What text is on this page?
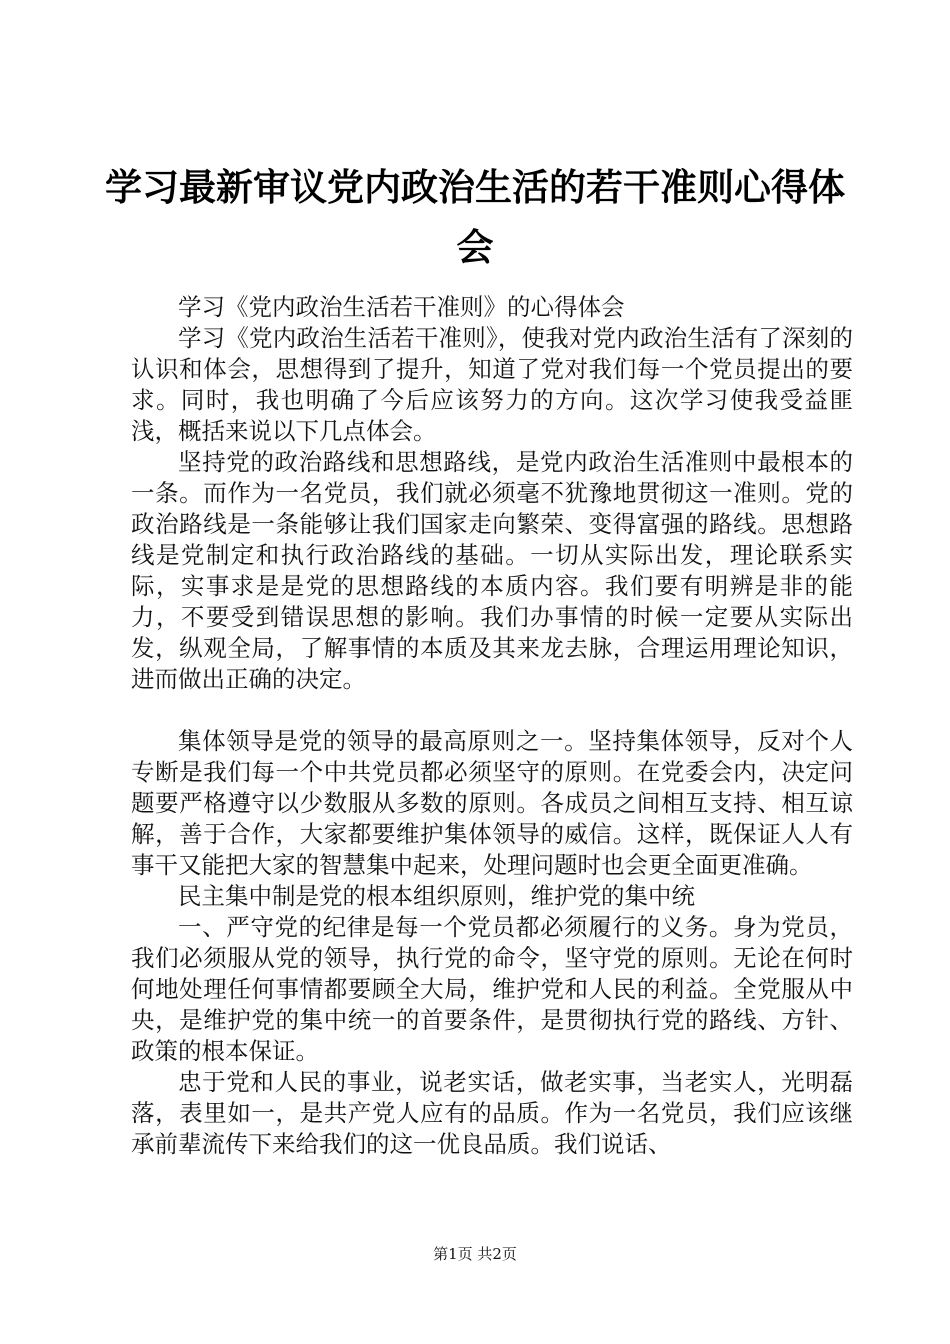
学习最新审议党内政治生活的若干准则心得体会

学习《党内政治生活若干准则》的心得体会

学习《党内政治生活若干准则》，使我对党内政治生活有了深刻的认识和体会，思想得到了提升，知道了党对我们每一个党员提出的要求。同时，我也明确了今后应该努力的方向。这次学习使我受益匪浅，概括来说以下几点体会。

坚持党的政治路线和思想路线，是党内政治生活准则中最根本的一条。而作为一名党员，我们就必须毫不犹豫地贯彻这一准则。党的政治路线是一条能够让我们国家走向繁荣、变得富强的路线。思想路线是党制定和执行政治路线的基础。一切从实际出发，理论联系实际，实事求是是党的思想路线的本质内容。我们要有明辨是非的能力，不要受到错误思想的影响。我们办事情的时候一定要从实际出发，纵观全局，了解事情的本质及其来龙去脉，合理运用理论知识，进而做出正确的决定。

集体领导是党的领导的最高原则之一。坚持集体领导，反对个人专断是我们每一个中共党员都必须坚守的原则。在党委会内，决定问题要严格遵守以少数服从多数的原则。各成员之间相互支持、相互谅解，善于合作，大家都要维护集体领导的威信。这样，既保证人人有事干又能把大家的智慧集中起来，处理问题时也会更全面更准确。

民主集中制是党的根本组织原则，维护党的集中统

一、严守党的纪律是每一个党员都必须履行的义务。身为党员，我们必须服从党的领导，执行党的命令，坚守党的原则。无论在何时何地处理任何事情都要顾全大局，维护党和人民的利益。全党服从中央，是维护党的集中统一的首要条件，是贯彻执行党的路线、方针、政策的根本保证。

忠于党和人民的事业，说老实话，做老实事，当老实人，光明磊落，表里如一，是共产党人应有的品质。作为一名党员，我们应该继承前辈流传下来给我们的这一优良品质。我们说话、

第1页 共2页
